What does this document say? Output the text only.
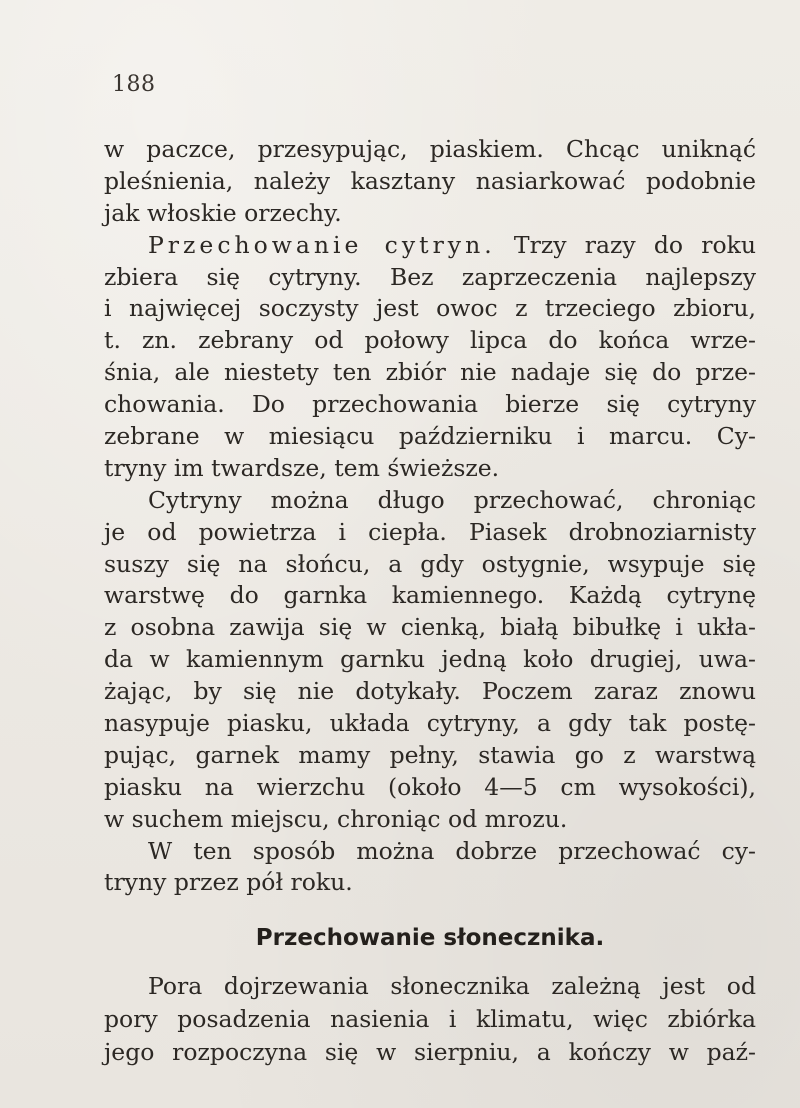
188
w paczce, przesypując, piaskiem. Chcąc uniknąć
pleśnienia, należy kasztany nasiarkować podobnie
jak włoskie orzechy.
Przechowanie cytryn. Trzy razy do roku
zbiera się cytryny. Bez zaprzeczenia najlepszy
i najwięcej soczysty jest owoc z trzeciego zbioru,
t. zn. zebrany od połowy lipca do końca wrze-
śnia, ale niestety ten zbiór nie nadaje się do prze-
chowania. Do przechowania bierze się cytryny
zebrane w miesiącu październiku i marcu. Cy-
tryny im twardsze, tem świeższe.
Cytryny można długo przechować, chroniąc
je od powietrza i ciepła. Piasek drobnoziarnisty
suszy się na słońcu, a gdy ostygnie, wsypuje się
warstwę do garnka kamiennego. Każdą cytrynę
z osobna zawija się w cienką, białą bibułkę i ukła-
da w kamiennym garnku jedną koło drugiej, uwa-
żając, by się nie dotykały. Poczem zaraz znowu
nasypuje piasku, układa cytryny, a gdy tak postę-
pując, garnek mamy pełny, stawia go z warstwą
piasku na wierzchu (około 4—5 cm wysokości),
w suchem miejscu, chroniąc od mrozu.
W ten sposób można dobrze przechować cy-
tryny przez pół roku.
Przechowanie słonecznika.
Pora dojrzewania słonecznika zależną jest od
pory posadzenia nasienia i klimatu, więc zbiórka
jego rozpoczyna się w sierpniu, a kończy w paź-
